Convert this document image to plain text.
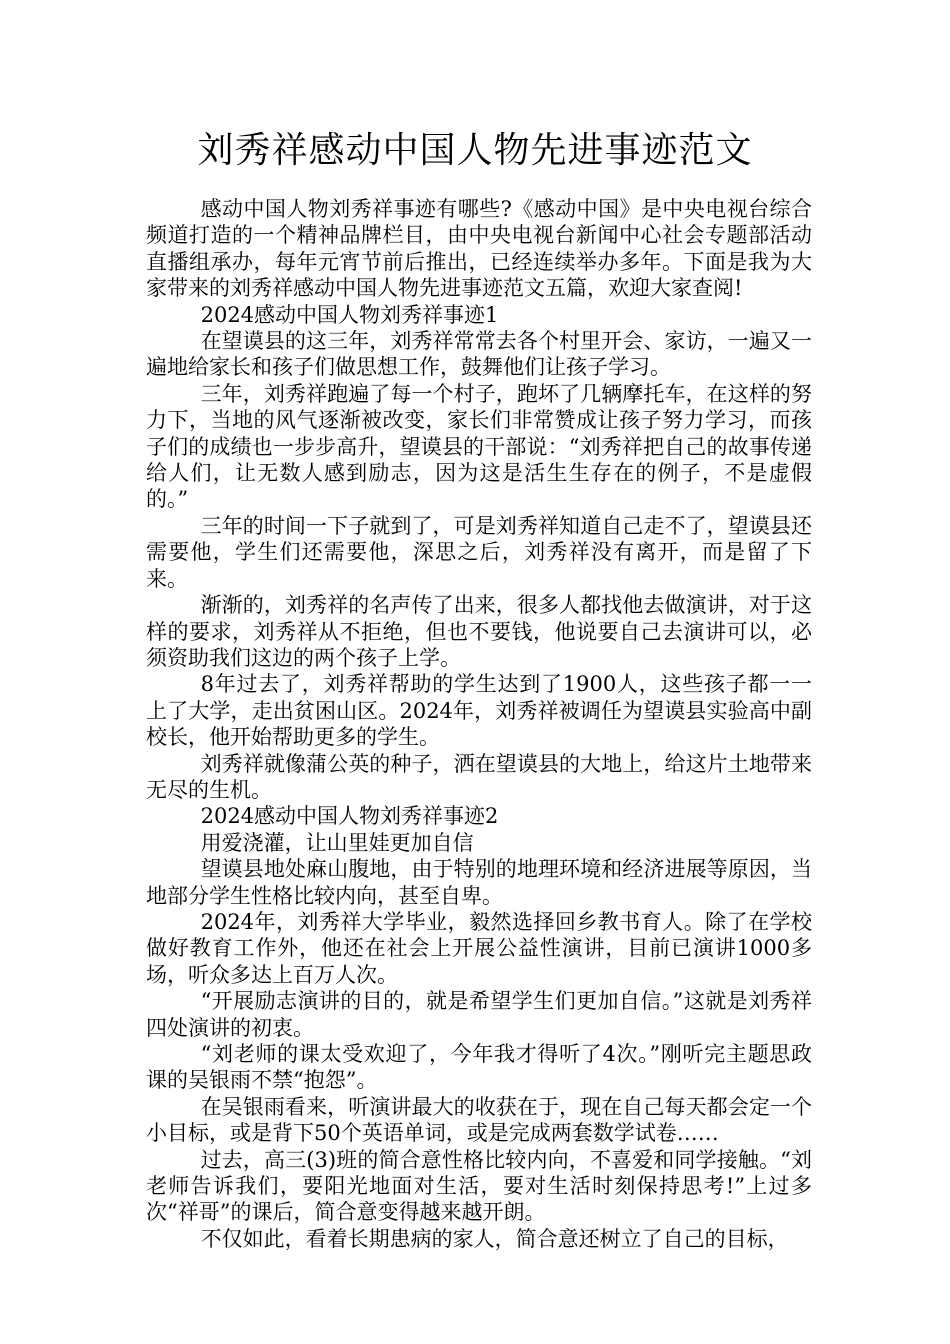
刘秀祥感动中国人物先进事迹范文

感动中国人物刘秀祥事迹有哪些?《感动中国》是中央电视台综合频道打造的一个精神品牌栏目，由中央电视台新闻中心社会专题部活动直播组承办，每年元宵节前后推出，已经连续举办多年。下面是我为大家带来的刘秀祥感动中国人物先进事迹范文五篇，欢迎大家查阅!

2024感动中国人物刘秀祥事迹1

在望谟县的这三年，刘秀祥常常去各个村里开会、家访，一遍又一遍地给家长和孩子们做思想工作，鼓舞他们让孩子学习。

三年，刘秀祥跑遍了每一个村子，跑坏了几辆摩托车，在这样的努力下，当地的风气逐渐被改变，家长们非常赞成让孩子努力学习，而孩子们的成绩也一步步高升，望谟县的干部说：“刘秀祥把自己的故事传递给人们，让无数人感到励志，因为这是活生生存在的例子，不是虚假的。”

三年的时间一下子就到了，可是刘秀祥知道自己走不了，望谟县还需要他，学生们还需要他，深思之后，刘秀祥没有离开，而是留了下来。

渐渐的，刘秀祥的名声传了出来，很多人都找他去做演讲，对于这样的要求，刘秀祥从不拒绝，但也不要钱，他说要自己去演讲可以，必须资助我们这边的两个孩子上学。

8年过去了，刘秀祥帮助的学生达到了1900人，这些孩子都一一上了大学，走出贫困山区。2024年，刘秀祥被调任为望谟县实验高中副校长，他开始帮助更多的学生。

刘秀祥就像蒲公英的种子，洒在望谟县的大地上，给这片土地带来无尽的生机。

2024感动中国人物刘秀祥事迹2

用爱浇灌，让山里娃更加自信

望谟县地处麻山腹地，由于特别的地理环境和经济进展等原因，当地部分学生性格比较内向，甚至自卑。

2024年，刘秀祥大学毕业，毅然选择回乡教书育人。除了在学校做好教育工作外，他还在社会上开展公益性演讲，目前已演讲1000多场，听众多达上百万人次。

“开展励志演讲的目的，就是希望学生们更加自信。”这就是刘秀祥四处演讲的初衷。

“刘老师的课太受欢迎了，今年我才得听了4次。”刚听完主题思政课的吴银雨不禁“抱怨”。

在吴银雨看来，听演讲最大的收获在于，现在自己每天都会定一个小目标，或是背下50个英语单词，或是完成两套数学试卷……

过去，高三(3)班的简合意性格比较内向，不喜爱和同学接触。“刘老师告诉我们，要阳光地面对生活，要对生活时刻保持思考!”上过多次“祥哥”的课后，简合意变得越来越开朗。

不仅如此，看着长期患病的家人，简合意还树立了自己的目标，
